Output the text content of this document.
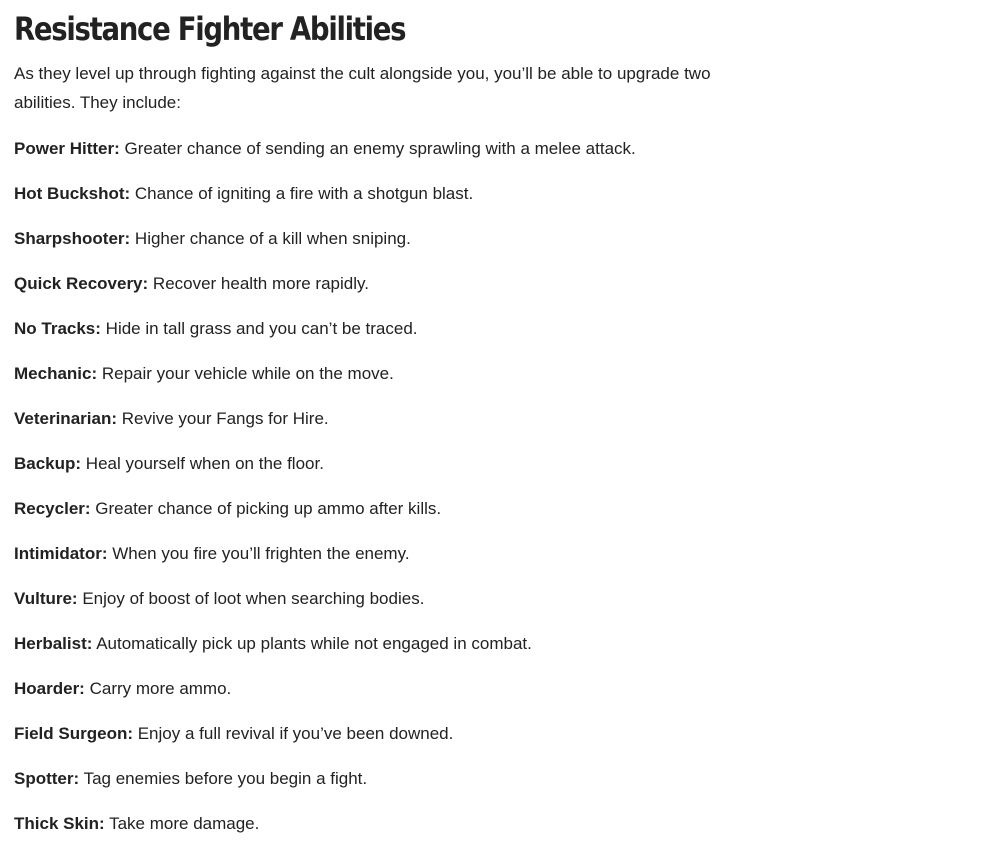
Resistance Fighter Abilities

As they level up through fighting against the cult alongside you, you’ll be able to upgrade two abilities. They include:

Power Hitter: Greater chance of sending an enemy sprawling with a melee attack.
Hot Buckshot: Chance of igniting a fire with a shotgun blast.
Sharpshooter: Higher chance of a kill when sniping.
Quick Recovery: Recover health more rapidly.
No Tracks: Hide in tall grass and you can’t be traced.
Mechanic: Repair your vehicle while on the move.
Veterinarian: Revive your Fangs for Hire.
Backup: Heal yourself when on the floor.
Recycler: Greater chance of picking up ammo after kills.
Intimidator: When you fire you’ll frighten the enemy.
Vulture: Enjoy of boost of loot when searching bodies.
Herbalist: Automatically pick up plants while not engaged in combat.
Hoarder: Carry more ammo.
Field Surgeon: Enjoy a full revival if you’ve been downed.
Spotter: Tag enemies before you begin a fight.
Thick Skin: Take more damage.
